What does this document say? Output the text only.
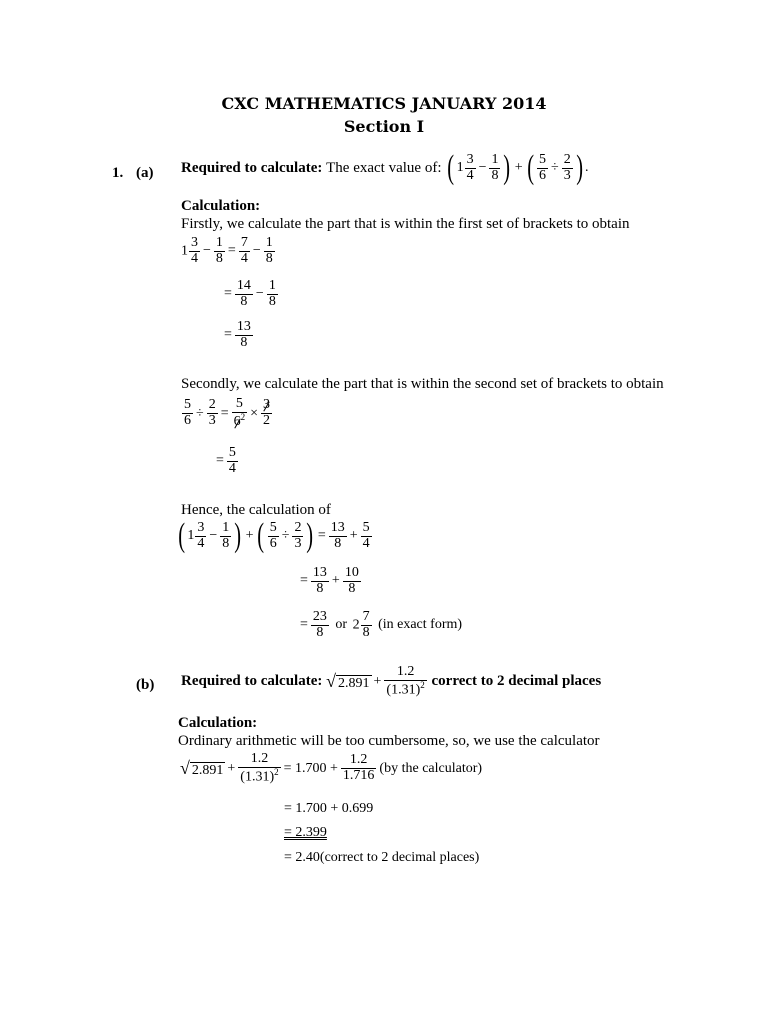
CXC MATHEMATICS JANUARY 2014
Section I
1. (a) Required to calculate: The exact value of: ( $1 \frac{3}{4} - \frac{1}{8}$ ) + ( $\frac{5}{6} \div \frac{2}{3}$ ) .
Calculation:
Firstly, we calculate the part that is within the first set of brackets to obtain
$1 \frac{3}{4} - \frac{1}{8} = \frac{7}{4} - \frac{1}{8}$
= $\frac{14}{8} - \frac{1}{8}$
= $\frac{13}{8}$
Secondly, we calculate the part that is within the second set of brackets to obtain
$\frac{5}{6} \div \frac{2}{3} = \frac{5}{6^2} \times \frac{3}{2}$
= $\frac{5}{4}$
Hence, the calculation of
( $1 \frac{3}{4} - \frac{1}{8}$ ) + ( $\frac{5}{6} \div \frac{2}{3}$ ) = $\frac{13}{8} + \frac{5}{4}$
= $\frac{13}{8} + \frac{10}{8}$
= $\frac{23}{8}$ or $2 \frac{7}{8} (in$ exact form)
(b) Required to calculate: √ $2.891 + \frac{1.2}{(1.31)^2}$ correct to 2 decimal places
Calculation:
Ordinary arithmetic will be too cumbersome, so, we use the calculator
√ $2.891 + \frac{1.2}{(1.31)^2} = 1.700 + \frac{1.2}{1.716} (by$ the calculator)
= 1.700 + 0.699
= 2.399
= 2.40(correct to 2 decimal places)
